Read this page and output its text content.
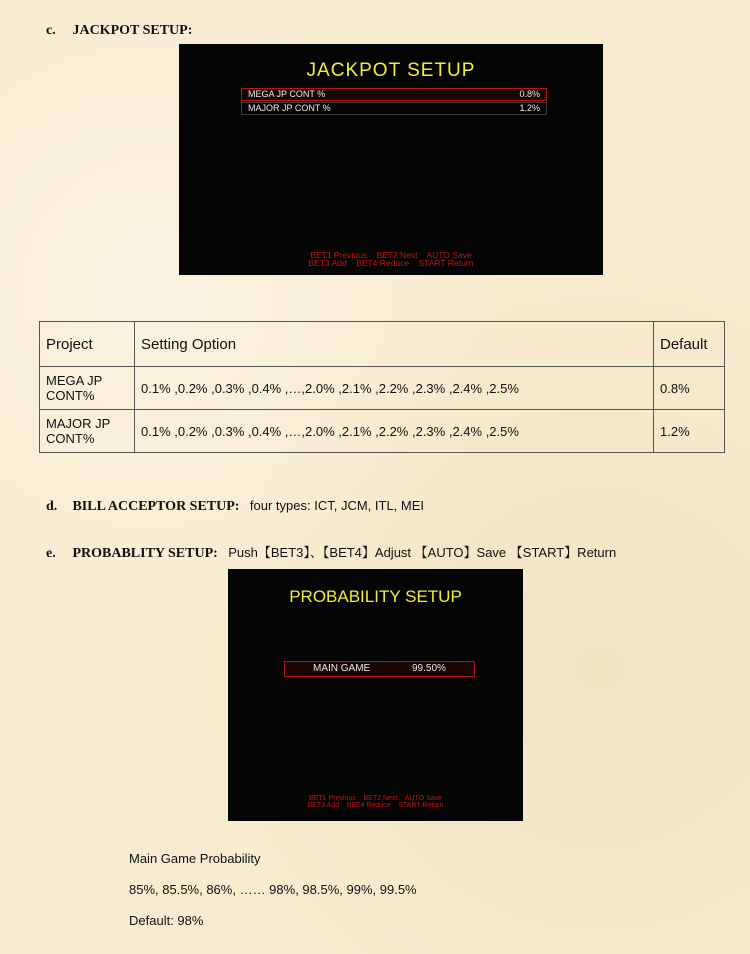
c. JACKPOT SETUP:
JACKPOT SETUP
MEGA JP CONT %	0.8%
MAJOR JP CONT %	1.2%
BET1 Previous    BET2 Next    AUTO Save
BET3 Add    BET4 Reduce    START Return
Project	Setting Option	Default
MEGA JP CONT%	0.1% ,0.2% ,0.3% ,0.4% ,…,2.0% ,2.1% ,2.2% ,2.3% ,2.4% ,2.5%	0.8%
MAJOR JP CONT%	0.1% ,0.2% ,0.3% ,0.4% ,…,2.0% ,2.1% ,2.2% ,2.3% ,2.4% ,2.5%	1.2%
d. BILL ACCEPTOR SETUP: four types: ICT, JCM, ITL, MEI
e. PROBABLITY SETUP: Push【BET3】、【BET4】Adjust 【AUTO】Save 【START】Return
PROBABILITY SETUP
MAIN GAME	99.50%
BET1 Previous    BET2 Next    AUTO Save
BET3 Add    BET4 Reduce    START Return
Main Game Probability
85%, 85.5%, 86%, …… 98%, 98.5%, 99%, 99.5%
Default: 98%
